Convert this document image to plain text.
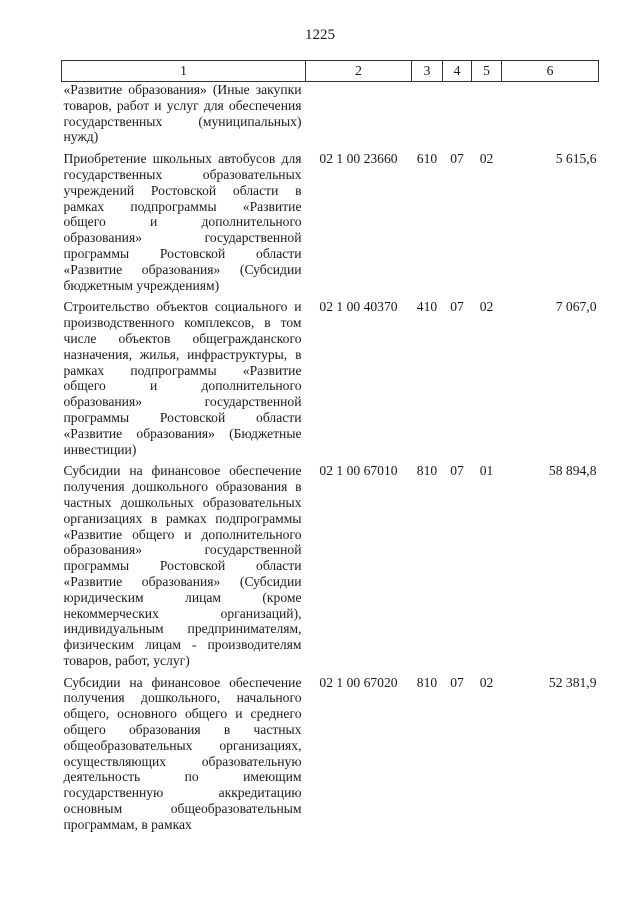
1225
1	2	3	4	5	6
«Развитие образования» (Иные закупки товаров, работ и услуг для обеспечения государственных (муниципальных) нужд)					
Приобретение школьных автобусов для государственных образовательных учреждений Ростовской области в рамках подпрограммы «Развитие общего и дополнительного образования» государственной программы Ростовской области «Развитие образования» (Субсидии бюджетным учреждениям)	02 1 00 23660	610	07	02	5 615,6
Строительство объектов социального и производственного комплексов, в том числе объектов общегражданского назначения, жилья, инфраструктуры, в рамках подпрограммы «Развитие общего и дополнительного образования» государственной программы Ростовской области «Развитие образования» (Бюджетные инвестиции)	02 1 00 40370	410	07	02	7 067,0
Субсидии на финансовое обеспечение получения дошкольного образования в частных дошкольных образовательных организациях в рамках подпрограммы «Развитие общего и дополнительного образования» государственной программы Ростовской области «Развитие образования» (Субсидии юридическим лицам (кроме некоммерческих организаций), индивидуальным предпринимателям, физическим лицам - производителям товаров, работ, услуг)	02 1 00 67010	810	07	01	58 894,8
Субсидии на финансовое обеспечение получения дошкольного, начального общего, основного общего и среднего общего образования в частных общеобразовательных организациях, осуществляющих образовательную деятельность по имеющим государственную аккредитацию основным общеобразовательным программам, в рамках	02 1 00 67020	810	07	02	52 381,9
